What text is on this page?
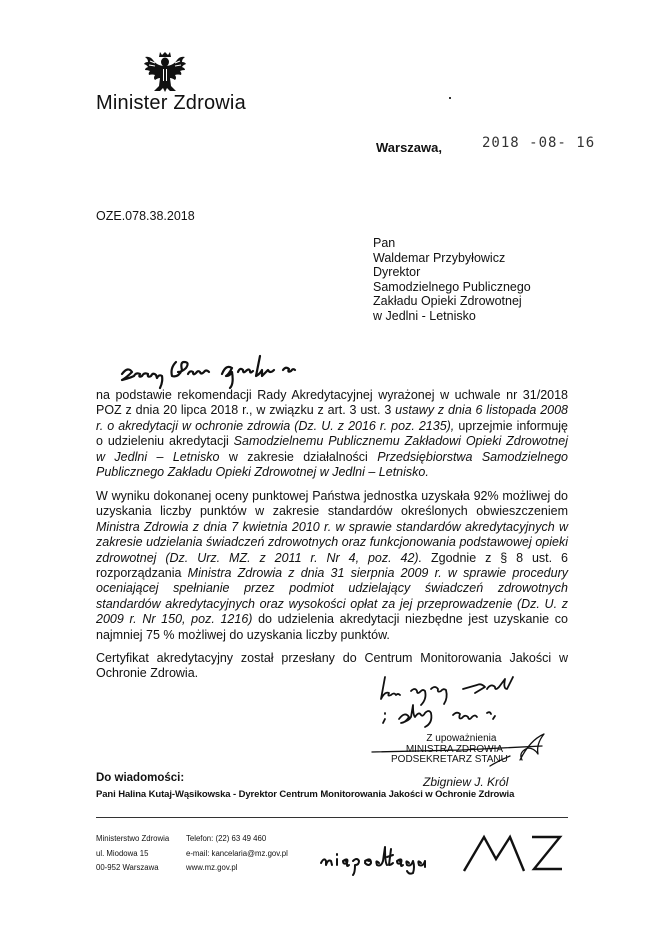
Minister Zdrowia
Warszawa,	2018 -08- 16
OZE.078.38.2018
Pan
Waldemar Przybyłowicz
Dyrektor
Samodzielnego Publicznego
Zakładu Opieki Zdrowotnej
w Jedlni - Letnisko
na podstawie rekomendacji Rady Akredytacyjnej wyrażonej w uchwale nr 31/2018 POZ z dnia 20 lipca 2018 r., w związku z art. 3 ust. 3 ustawy z dnia 6 listopada 2008 r. o akredytacji w ochronie zdrowia (Dz. U. z 2016 r. poz. 2135), uprzejmie informuję o udzieleniu akredytacji Samodzielnemu Publicznemu Zakładowi Opieki Zdrowotnej w Jedlni – Letnisko w zakresie działalności Przedsiębiorstwa Samodzielnego Publicznego Zakładu Opieki Zdrowotnej w Jedlni – Letnisko.
W wyniku dokonanej oceny punktowej Państwa jednostka uzyskała 92% możliwej do uzyskania liczby punktów w zakresie standardów określonych obwieszczeniem Ministra Zdrowia z dnia 7 kwietnia 2010 r. w sprawie standardów akredytacyjnych w zakresie udzielania świadczeń zdrowotnych oraz funkcjonowania podstawowej opieki zdrowotnej (Dz. Urz. MZ. z 2011 r. Nr 4, poz. 42). Zgodnie z § 8 ust. 6 rozporządzania Ministra Zdrowia z dnia 31 sierpnia 2009 r. w sprawie procedury oceniającej spełnianie przez podmiot udzielający świadczeń zdrowotnych standardów akredytacyjnych oraz wysokości opłat za jej przeprowadzenie (Dz. U. z 2009 r. Nr 150, poz. 1216) do udzielenia akredytacji niezbędne jest uzyskanie co najmniej 75 % możliwej do uzyskania liczby punktów.
Certyfikat akredytacyjny został przesłany do Centrum Monitorowania Jakości w Ochronie Zdrowia.
Z upoważnienia
MINISTRA ZDROWIA
PODSEKRETARZ STANU
Zbigniew J. Król
Do wiadomości:
Pani Halina Kutaj-Wąsikowska - Dyrektor Centrum Monitorowania Jakości w Ochronie Zdrowia
Ministerstwo Zdrowia
ul. Miodowa 15
00-952 Warszawa
Telefon: (22) 63 49 460
e-mail: kancelaria@mz.gov.pl
www.mz.gov.pl
